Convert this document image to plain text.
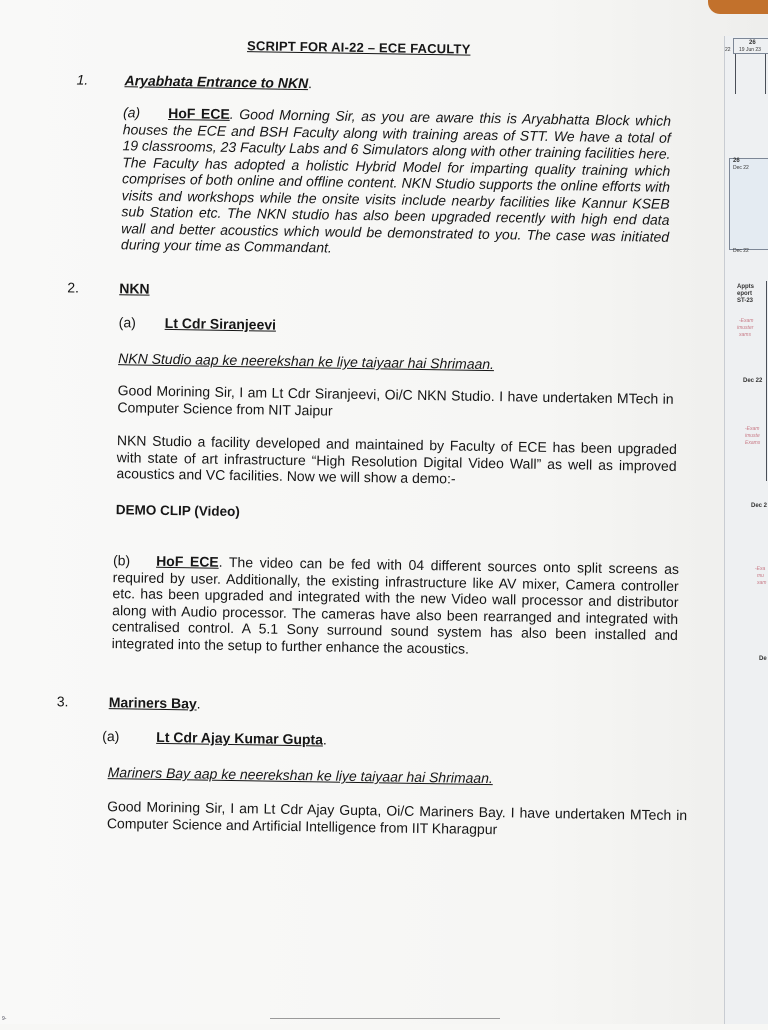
26
22 19 Jun 23
26
Dec 22
Dec 22
Appts
eport
ST-23
-Exam
imuster
xams
Dec 22
-Exam
imuste
Exams
Dec 2
-Exa
mu
xam
De
9-
SCRIPT FOR AI-22 – ECE FACULTY
1.	Aryabhata Entrance to NKN.

(a) HoF ECE. Good Morning Sir, as you are aware this is Aryabhatta Block which houses the ECE and BSH Faculty along with training areas of STT. We have a total of 19 classrooms, 23 Faculty Labs and 6 Simulators along with other training facilities here. The Faculty has adopted a holistic Hybrid Model for imparting quality training which comprises of both online and offline content. NKN Studio supports the online efforts with visits and workshops while the onsite visits include nearby facilities like Kannur KSEB sub Station etc. The NKN studio has also been upgraded recently with high end data wall and better acoustics which would be demonstrated to you. The case was initiated during your time as Commandant.

2.	NKN
(a) Lt Cdr Siranjeevi
NKN Studio aap ke neerekshan ke liye taiyaar hai Shrimaan.

Good Morining Sir, I am Lt Cdr Siranjeevi, Oi/C NKN Studio. I have undertaken MTech in Computer Science from NIT Jaipur

NKN Studio a facility developed and maintained by Faculty of ECE has been upgraded with state of art infrastructure “High Resolution Digital Video Wall” as well as improved acoustics and VC facilities. Now we will show a demo:-

DEMO CLIP (Video)

(b) HoF ECE. The video can be fed with 04 different sources onto split screens as required by user. Additionally, the existing infrastructure like AV mixer, Camera controller etc. has been upgraded and integrated with the new Video wall processor and distributor along with Audio processor. The cameras have also been rearranged and integrated with centralised control. A 5.1 Sony surround sound system has also been installed and integrated into the setup to further enhance the acoustics.

3.	Mariners Bay.
(a)	Lt Cdr Ajay Kumar Gupta.
Mariners Bay aap ke neerekshan ke liye taiyaar hai Shrimaan.

Good Morining Sir, I am Lt Cdr Ajay Gupta, Oi/C Mariners Bay. I have undertaken MTech in Computer Science and Artificial Intelligence from IIT Kharagpur
